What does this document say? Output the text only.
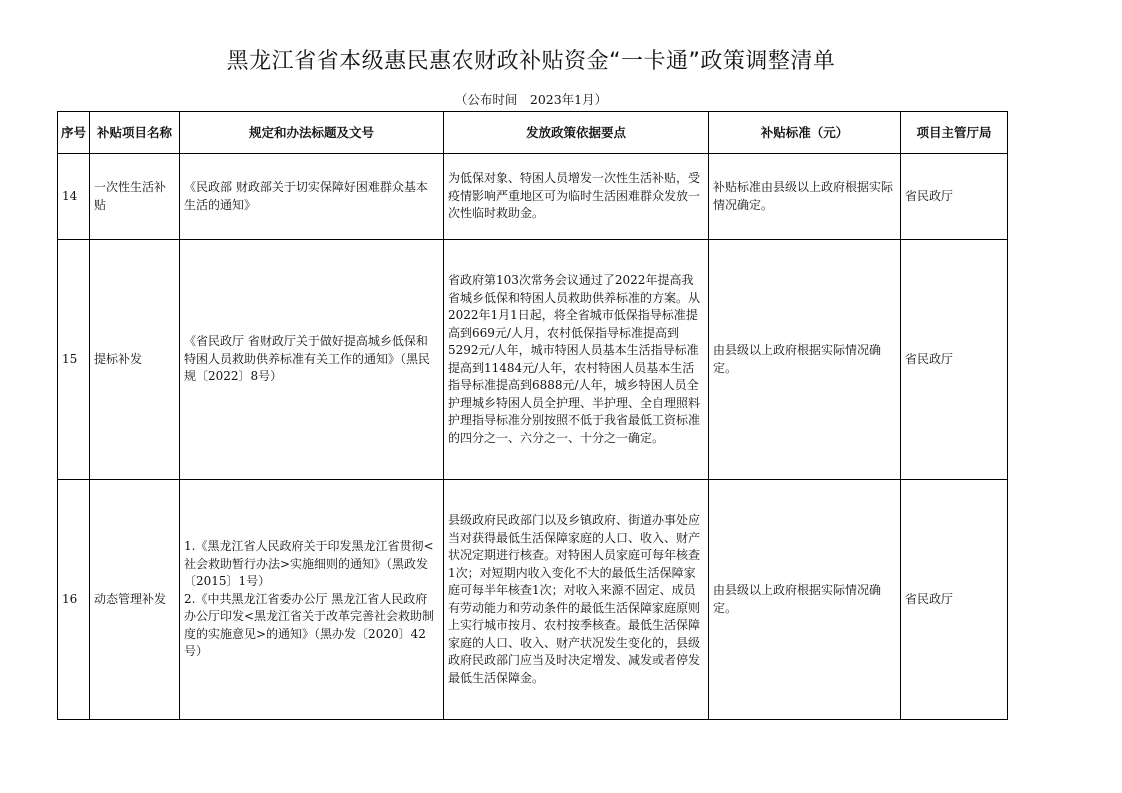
黑龙江省省本级惠民惠农财政补贴资金“一卡通”政策调整清单
（公布时间　2023年1月）
序号	补贴项目名称	规定和办法标题及文号	发放政策依据要点	补贴标准（元）	项目主管厅局
14	一次性生活补贴	《民政部 财政部关于切实保障好困难群众基本生活的通知》	为低保对象、特困人员增发一次性生活补贴，受疫情影响严重地区可为临时生活困难群众发放一次性临时救助金。	补贴标准由县级以上政府根据实际情况确定。	省民政厅
15	提标补发	《省民政厅 省财政厅关于做好提高城乡低保和特困人员救助供养标准有关工作的通知》（黑民规〔2022〕8号）	省政府第103次常务会议通过了2022年提高我省城乡低保和特困人员救助供养标准的方案。从2022年1月1日起，将全省城市低保指导标准提高到669元/人月，农村低保指导标准提高到5292元/人年，城市特困人员基本生活指导标准提高到11484元/人年，农村特困人员基本生活指导标准提高到6888元/人年，城乡特困人员全护理城乡特困人员全护理、半护理、全自理照料护理指导标准分别按照不低于我省最低工资标准的四分之一、六分之一、十分之一确定。	由县级以上政府根据实际情况确定。	省民政厅
16	动态管理补发	1.《黑龙江省人民政府关于印发黑龙江省贯彻<社会救助暂行办法>实施细则的通知》（黑政发〔2015〕1号）
2.《中共黑龙江省委办公厅 黑龙江省人民政府办公厅印发<黑龙江省关于改革完善社会救助制度的实施意见>的通知》（黑办发〔2020〕42号）	县级政府民政部门以及乡镇政府、街道办事处应当对获得最低生活保障家庭的人口、收入、财产状况定期进行核查。对特困人员家庭可每年核查1次；对短期内收入变化不大的最低生活保障家庭可每半年核查1次；对收入来源不固定、成员有劳动能力和劳动条件的最低生活保障家庭原则上实行城市按月、农村按季核查。最低生活保障家庭的人口、收入、财产状况发生变化的，县级政府民政部门应当及时决定增发、减发或者停发最低生活保障金。	由县级以上政府根据实际情况确定。	省民政厅
